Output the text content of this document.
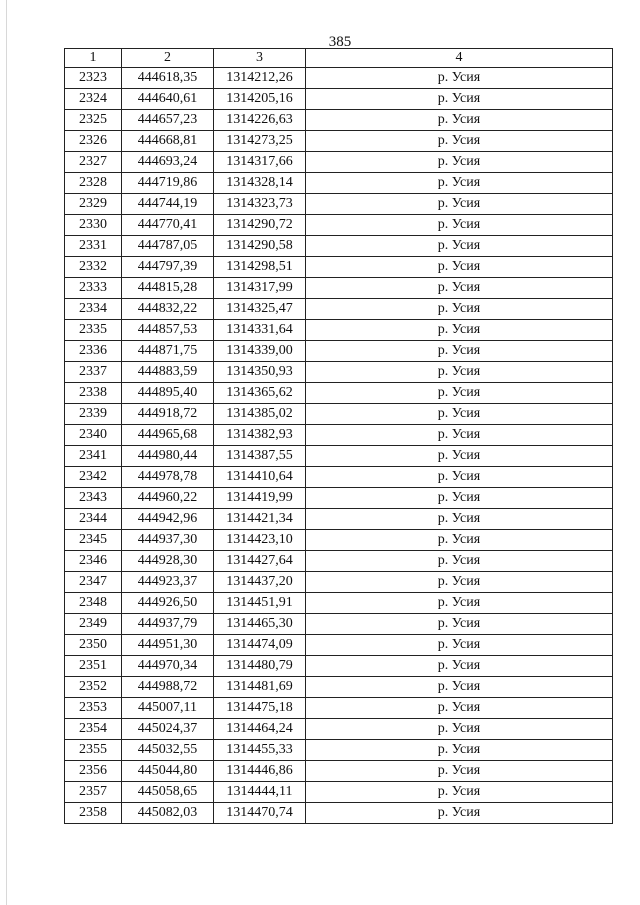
385
1	2	3	4
2323	444618,35	1314212,26	р. Усия
2324	444640,61	1314205,16	р. Усия
2325	444657,23	1314226,63	р. Усия
2326	444668,81	1314273,25	р. Усия
2327	444693,24	1314317,66	р. Усия
2328	444719,86	1314328,14	р. Усия
2329	444744,19	1314323,73	р. Усия
2330	444770,41	1314290,72	р. Усия
2331	444787,05	1314290,58	р. Усия
2332	444797,39	1314298,51	р. Усия
2333	444815,28	1314317,99	р. Усия
2334	444832,22	1314325,47	р. Усия
2335	444857,53	1314331,64	р. Усия
2336	444871,75	1314339,00	р. Усия
2337	444883,59	1314350,93	р. Усия
2338	444895,40	1314365,62	р. Усия
2339	444918,72	1314385,02	р. Усия
2340	444965,68	1314382,93	р. Усия
2341	444980,44	1314387,55	р. Усия
2342	444978,78	1314410,64	р. Усия
2343	444960,22	1314419,99	р. Усия
2344	444942,96	1314421,34	р. Усия
2345	444937,30	1314423,10	р. Усия
2346	444928,30	1314427,64	р. Усия
2347	444923,37	1314437,20	р. Усия
2348	444926,50	1314451,91	р. Усия
2349	444937,79	1314465,30	р. Усия
2350	444951,30	1314474,09	р. Усия
2351	444970,34	1314480,79	р. Усия
2352	444988,72	1314481,69	р. Усия
2353	445007,11	1314475,18	р. Усия
2354	445024,37	1314464,24	р. Усия
2355	445032,55	1314455,33	р. Усия
2356	445044,80	1314446,86	р. Усия
2357	445058,65	1314444,11	р. Усия
2358	445082,03	1314470,74	р. Усия
